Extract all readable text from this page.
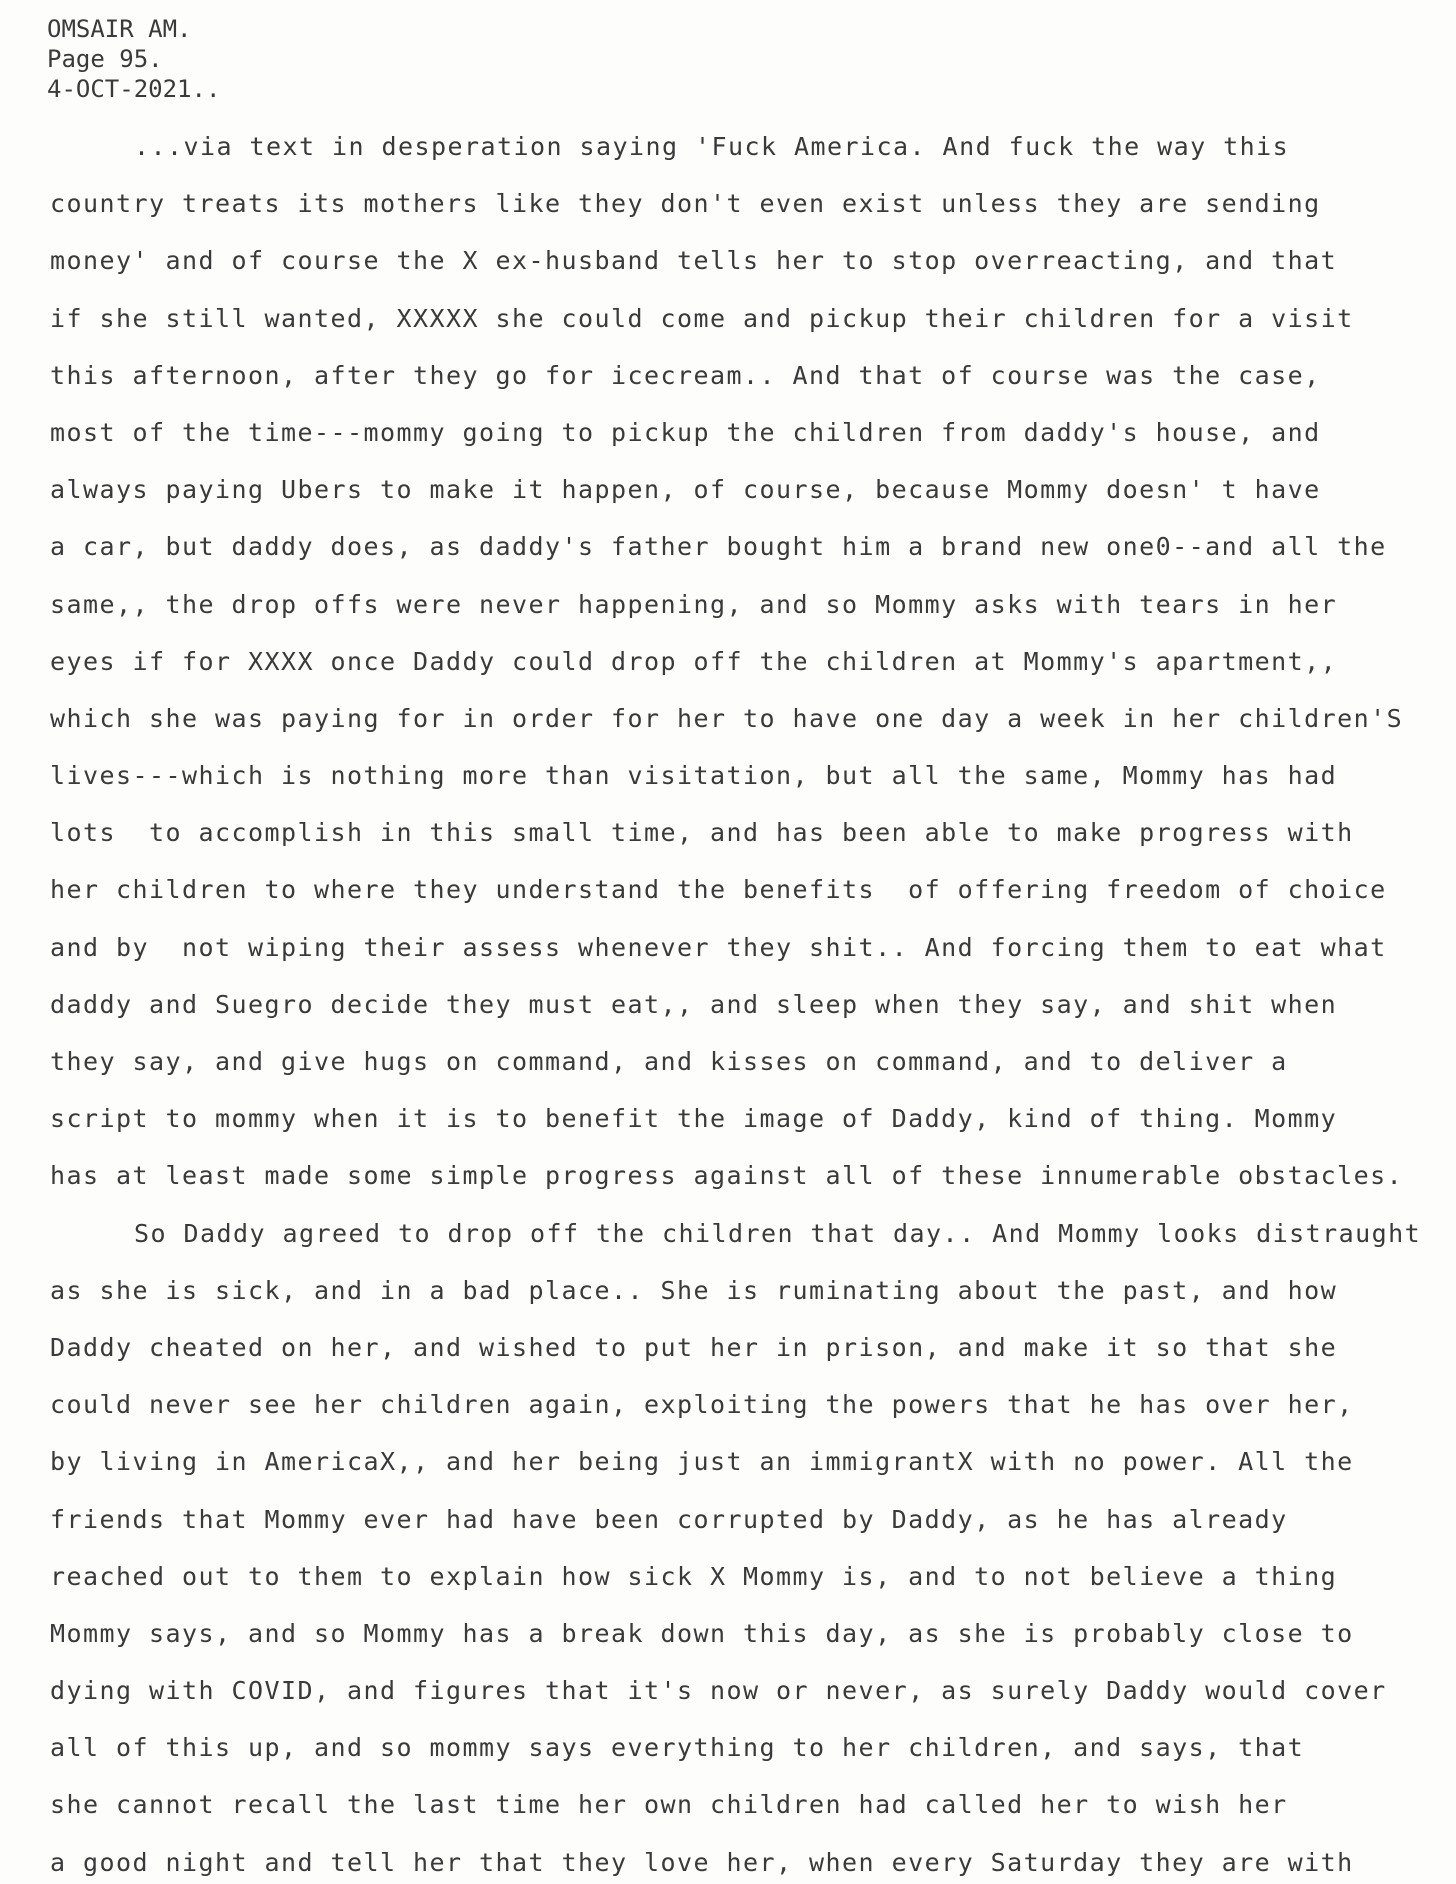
OMSAIR AM.
Page 95.
4-OCT-2021..
...via text in desperation saying 'Fuck America. And fuck the way this
country treats its mothers like they don't even exist unless they are sending
money' and of course the X ex-husband tells her to stop overreacting, and that
if she still wanted, XXXXX she could come and pickup their children for a visit
this afternoon, after they go for icecream.. And that of course was the case,
most of the time---mommy going to pickup the children from daddy's house, and
always paying Ubers to make it happen, of course, because Mommy doesn' t have
a car, but daddy does, as daddy's father bought him a brand new one0--and all the
same,, the drop offs were never happening, and so Mommy asks with tears in her
eyes if for XXXX once Daddy could drop off the children at Mommy's apartment,,
which she was paying for in order for her to have one day a week in her children'S
lives---which is nothing more than visitation, but all the same, Mommy has had
lots  to accomplish in this small time, and has been able to make progress with
her children to where they understand the benefits  of offering freedom of choice
and by  not wiping their assess whenever they shit.. And forcing them to eat what
daddy and Suegro decide they must eat,, and sleep when they say, and shit when
they say, and give hugs on command, and kisses on command, and to deliver a
script to mommy when it is to benefit the image of Daddy, kind of thing. Mommy
has at least made some simple progress against all of these innumerable obstacles.
So Daddy agreed to drop off the children that day.. And Mommy looks distraught
as she is sick, and in a bad place.. She is ruminating about the past, and how
Daddy cheated on her, and wished to put her in prison, and make it so that she
could never see her children again, exploiting the powers that he has over her,
by living in AmericaX,, and her being just an immigrantX with no power. All the
friends that Mommy ever had have been corrupted by Daddy, as he has already
reached out to them to explain how sick X Mommy is, and to not believe a thing
Mommy says, and so Mommy has a break down this day, as she is probably close to
dying with COVID, and figures that it's now or never, as surely Daddy would cover
all of this up, and so mommy says everything to her children, and says, that
she cannot recall the last time her own children had called her to wish her
a good night and tell her that they love her, when every Saturday they are with
